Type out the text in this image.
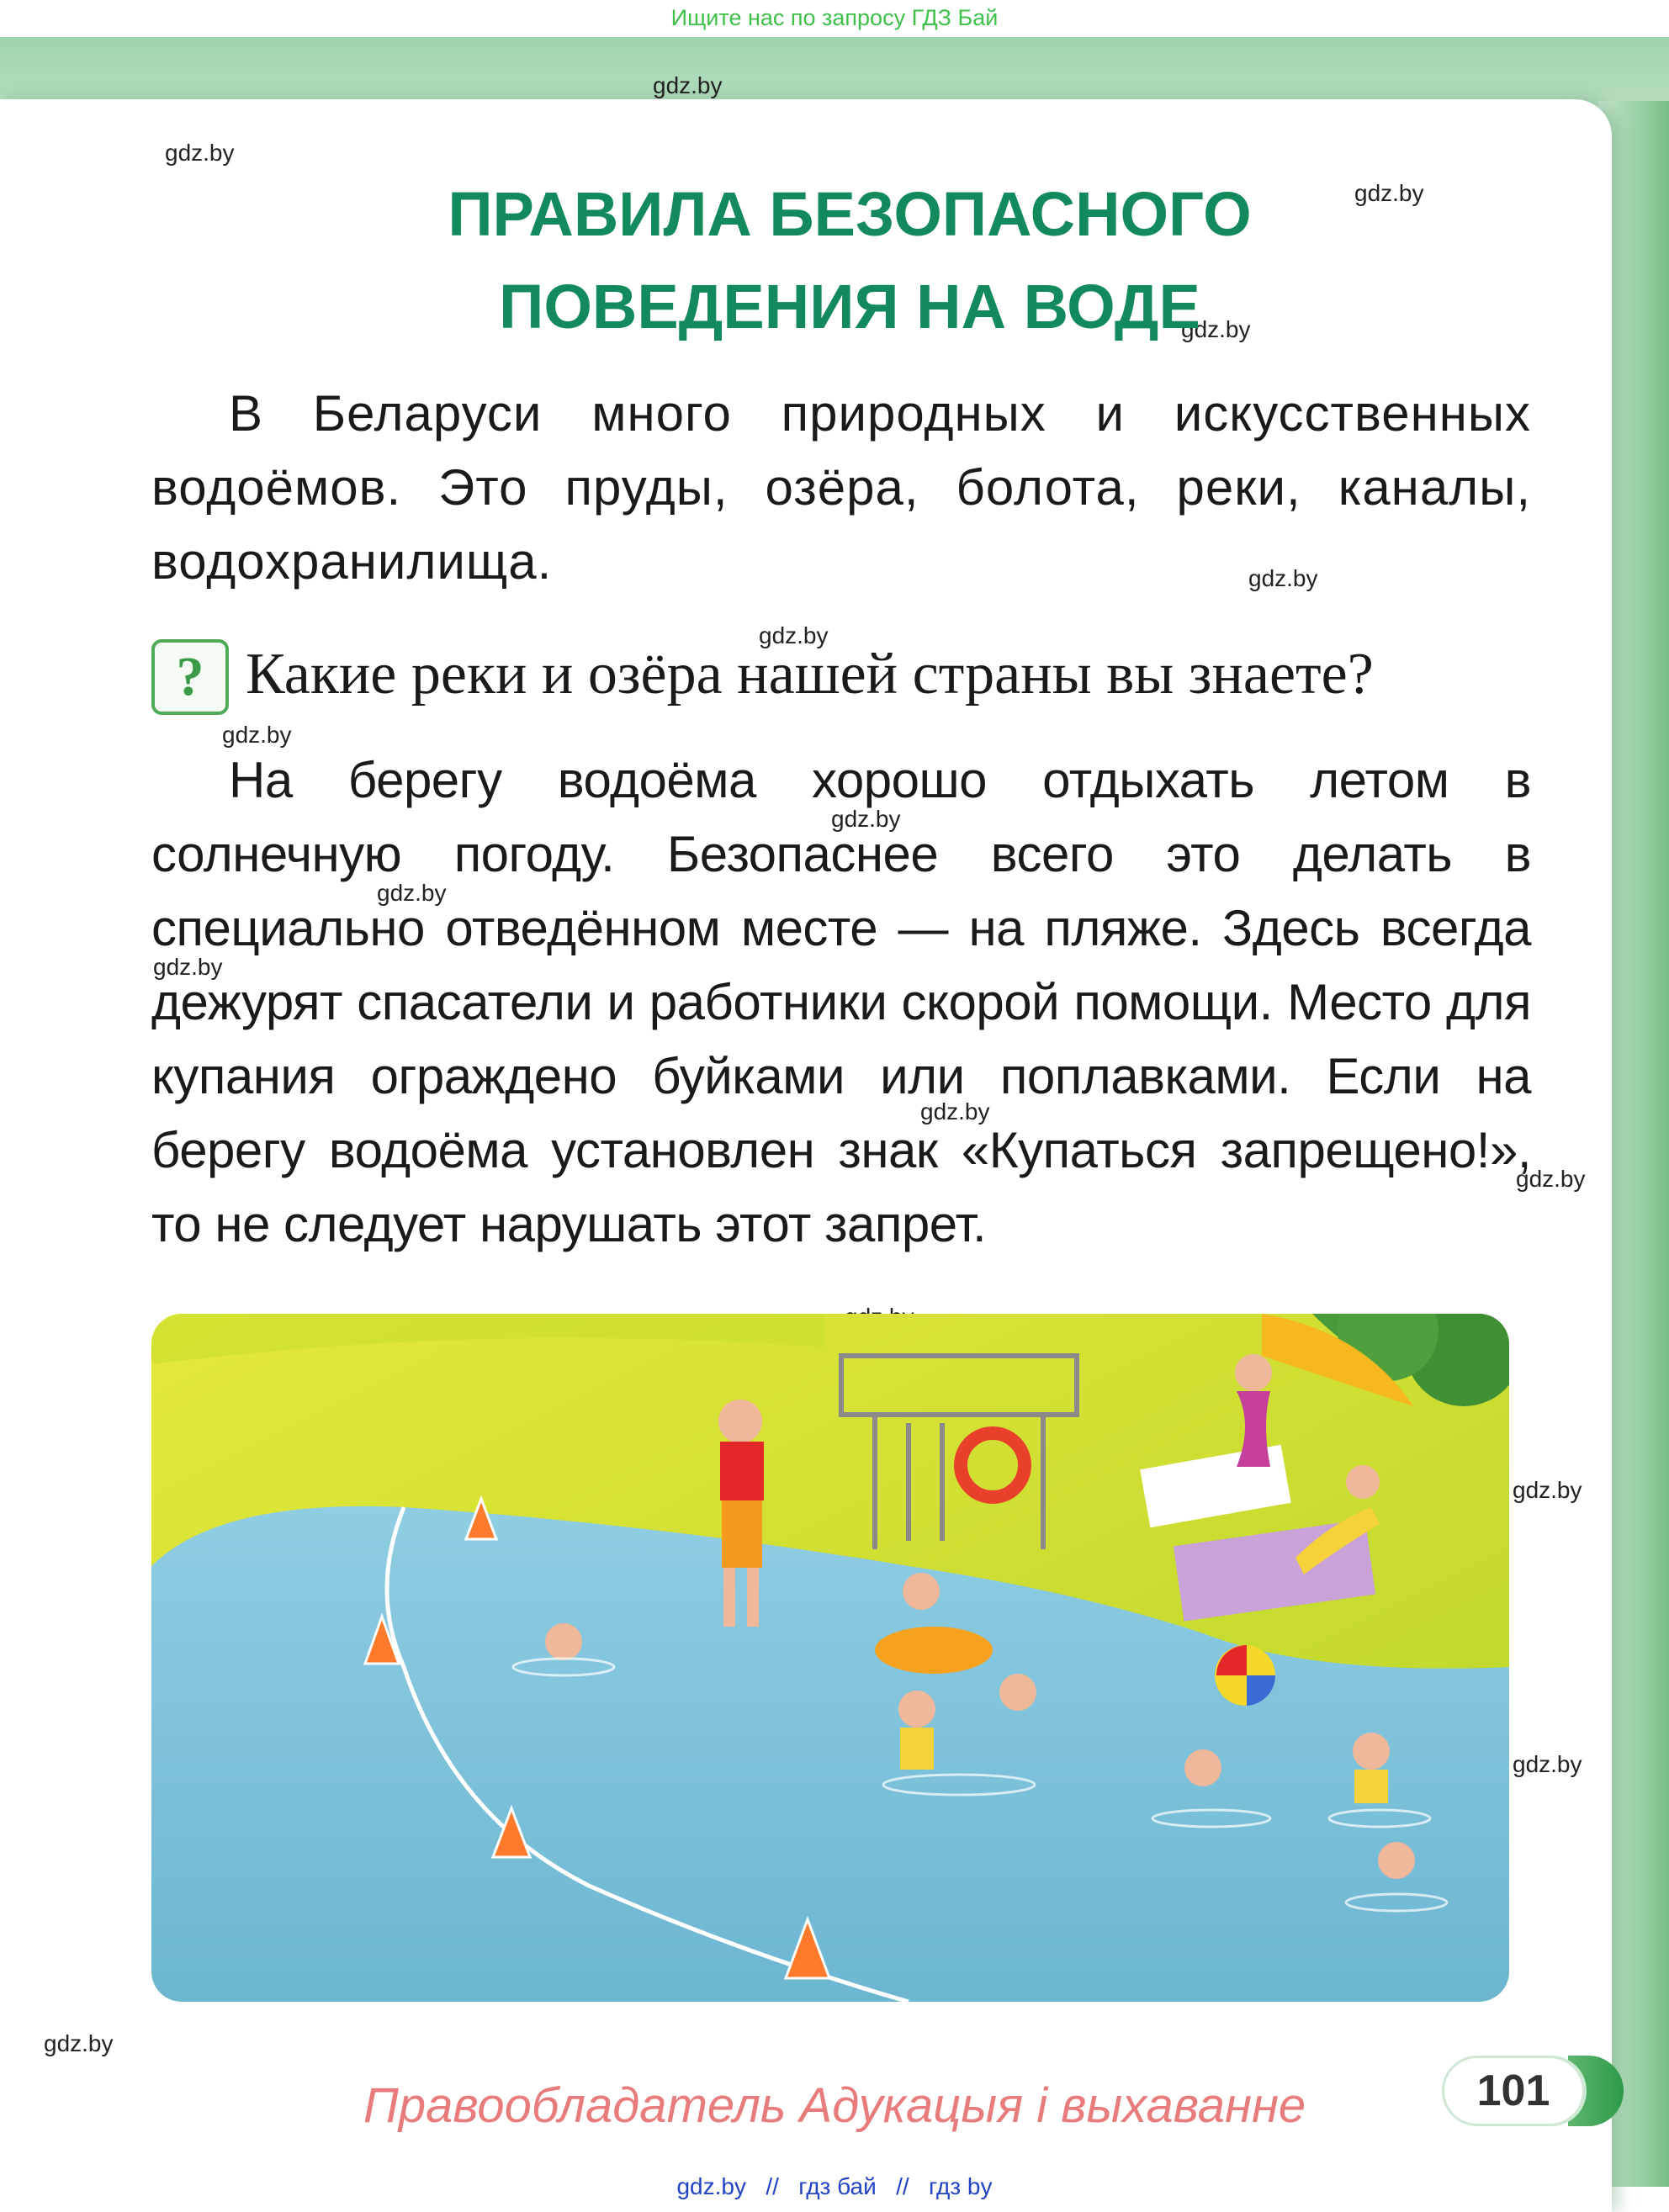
Ищите нас по запросу ГДЗ Бай
gdz.by
gdz.by
gdz.by
gdz.by
gdz.by
gdz.by
gdz.by
gdz.by
gdz.by
gdz.by
gdz.by
gdz.by
gdz.by
gdz.by
gdz.by
ПРАВИЛА БЕЗОПАСНОГО
ПОВЕДЕНИЯ НА ВОДЕ

В Беларуси много природных и искусственных водоёмов. Это пруды, озёра, болота, реки, каналы, водохранилища.

? Какие реки и озёра нашей страны вы знаете?

На берегу водоёма хорошо отдыхать летом в солнечную погоду. Безопаснее всего это делать в специально отведённом месте — на пляже. Здесь всегда дежурят спасатели и работники скорой помощи. Место для купания ограждено буйками или поплавками. Если на берегу водоёма установлен знак «Купаться запрещено!», то не следует нарушать этот запрет.

101
Правообладатель Адукацыя і выхаванне
gdz.by // гдз бай // гдз by
